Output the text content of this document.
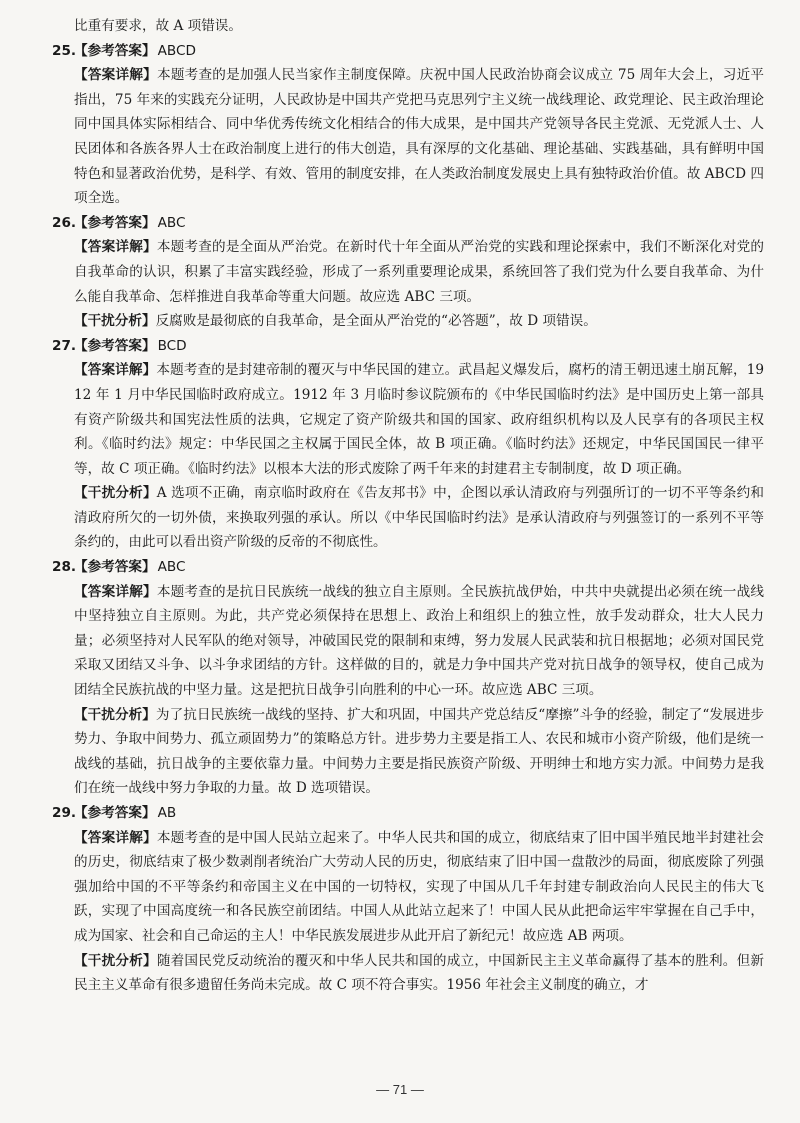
比重有要求，故 A 项错误。

25.
【参考答案】 ABCD

【答案详解】本题考查的是加强人民当家作主制度保障。庆祝中国人民政治协商会议成立 75 周年大会上，习近平指出，75 年来的实践充分证明，人民政协是中国共产党把马克思列宁主义统一战线理论、政党理论、民主政治理论同中国具体实际相结合、同中华优秀传统文化相结合的伟大成果，是中国共产党领导各民主党派、无党派人士、人民团体和各族各界人士在政治制度上进行的伟大创造，具有深厚的文化基础、理论基础、实践基础，具有鲜明中国特色和显著政治优势，是科学、有效、管用的制度安排，在人类政治制度发展史上具有独特政治价值。故 ABCD 四项全选。

26.
【参考答案】 ABC

【答案详解】本题考查的是全面从严治党。在新时代十年全面从严治党的实践和理论探索中，我们不断深化对党的自我革命的认识，积累了丰富实践经验，形成了一系列重要理论成果，系统回答了我们党为什么要自我革命、为什么能自我革命、怎样推进自我革命等重大问题。故应选 ABC 三项。

【干扰分析】反腐败是最彻底的自我革命，是全面从严治党的“必答题”，故 D 项错误。

27.
【参考答案】 BCD

【答案详解】本题考查的是封建帝制的覆灭与中华民国的建立。武昌起义爆发后，腐朽的清王朝迅速土崩瓦解，1912 年 1 月中华民国临时政府成立。1912 年 3 月临时参议院颁布的《中华民国临时约法》是中国历史上第一部具有资产阶级共和国宪法性质的法典，它规定了资产阶级共和国的国家、政府组织机构以及人民享有的各项民主权利。《临时约法》规定：中华民国之主权属于国民全体，故 B 项正确。《临时约法》还规定，中华民国国民一律平等，故 C 项正确。《临时约法》以根本大法的形式废除了两千年来的封建君主专制制度，故 D 项正确。

【干扰分析】A 选项不正确，南京临时政府在《告友邦书》中，企图以承认清政府与列强所订的一切不平等条约和清政府所欠的一切外债，来换取列强的承认。所以《中华民国临时约法》是承认清政府与列强签订的一系列不平等条约的，由此可以看出资产阶级的反帝的不彻底性。

28.
【参考答案】 ABC

【答案详解】本题考查的是抗日民族统一战线的独立自主原则。全民族抗战伊始，中共中央就提出必须在统一战线中坚持独立自主原则。为此，共产党必须保持在思想上、政治上和组织上的独立性，放手发动群众，壮大人民力量；必须坚持对人民军队的绝对领导，冲破国民党的限制和束缚，努力发展人民武装和抗日根据地；必须对国民党采取又团结又斗争、以斗争求团结的方针。这样做的目的，就是力争中国共产党对抗日战争的领导权，使自己成为团结全民族抗战的中坚力量。这是把抗日战争引向胜利的中心一环。故应选 ABC 三项。

【干扰分析】为了抗日民族统一战线的坚持、扩大和巩固，中国共产党总结反“摩擦”斗争的经验，制定了“发展进步势力、争取中间势力、孤立顽固势力”的策略总方针。进步势力主要是指工人、农民和城市小资产阶级，他们是统一战线的基础，抗日战争的主要依靠力量。中间势力主要是指民族资产阶级、开明绅士和地方实力派。中间势力是我们在统一战线中努力争取的力量。故 D 选项错误。

29.
【参考答案】 AB

【答案详解】本题考查的是中国人民站立起来了。中华人民共和国的成立，彻底结束了旧中国半殖民地半封建社会的历史，彻底结束了极少数剥削者统治广大劳动人民的历史，彻底结束了旧中国一盘散沙的局面，彻底废除了列强强加给中国的不平等条约和帝国主义在中国的一切特权，实现了中国从几千年封建专制政治向人民民主的伟大飞跃，实现了中国高度统一和各民族空前团结。中国人从此站立起来了！中国人民从此把命运牢牢掌握在自己手中，成为国家、社会和自己命运的主人！中华民族发展进步从此开启了新纪元！故应选 AB 两项。

【干扰分析】随着国民党反动统治的覆灭和中华人民共和国的成立，中国新民主主义革命赢得了基本的胜利。但新民主主义革命有很多遗留任务尚未完成。故 C 项不符合事实。1956 年社会主义制度的确立，才

— 71 —
